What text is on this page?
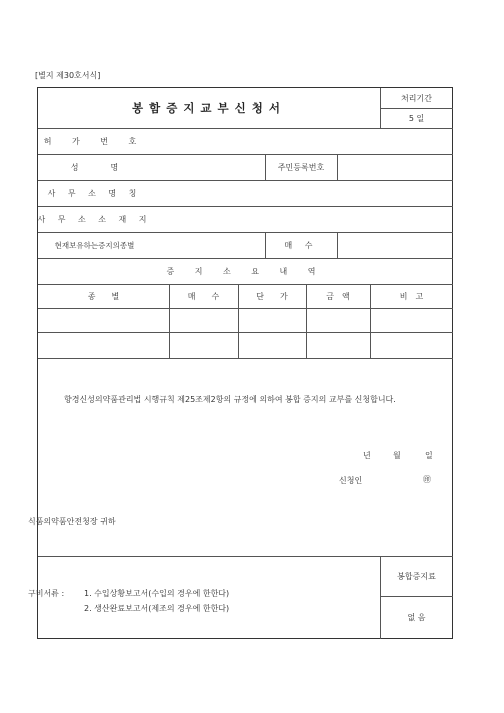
[별지 제30호서식]
봉함증지교부신청서
처리기간
5 일
허 가 번 호
성　　　　명	주민등록번호
사 무 소 명 칭
사 무 소 소 재 지
현재보유하는증지의종별	매 수
증 지 소 요 내 역
종　　별	매　　수	단　　가	금　액	비　고
향경신성의약품관리법 시행규칙 제25조제2항의 규정에 의하여 봉합 증지의 교부를 신청합니다.
년	월	일
신청인	㊞
식품의약품안전청장 귀하
구비서류 : 1. 수입상황보고서(수입의 경우에 한한다)
2. 생산완료보고서(제조의 경우에 한한다)
봉합증지료
없 음
